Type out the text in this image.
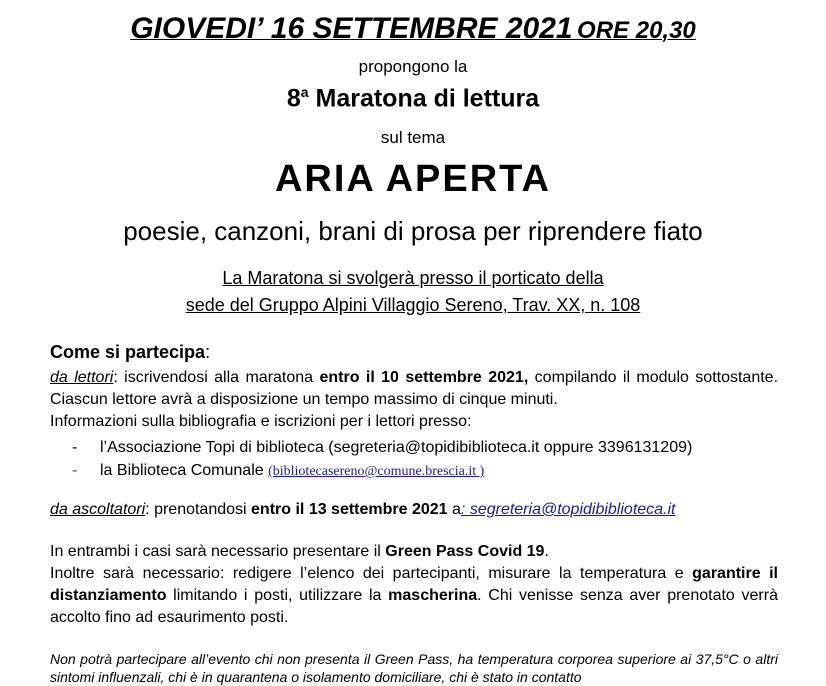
GIOVEDI’ 16 SETTEMBRE 2021 ORE 20,30
propongono la
8$^a$ Maratona di lettura
sul tema
ARIA APERTA
poesie, canzoni, brani di prosa per riprendere fiato
La Maratona si svolgerà presso il porticato della
sede del Gruppo Alpini Villaggio Sereno, Trav. XX, n. 108
Come si partecipa:
da lettori: iscrivendosi alla maratona entro il 10 settembre 2021, compilando il modulo sottostante. Ciascun lettore avrà a disposizione un tempo massimo di cinque minuti.
Informazioni sulla bibliografia e iscrizioni per i lettori presso:
- l’Associazione Topi di biblioteca (segreteria@topidibiblioteca.it oppure 3396131209)
- la Biblioteca Comunale (bibliotecasereno@comune.brescia.it )
da ascoltatori: prenotandosi entro il 13 settembre 2021 a: segreteria@topidibiblioteca.it
In entrambi i casi sarà necessario presentare il Green Pass Covid 19.
Inoltre sarà necessario: redigere l’elenco dei partecipanti, misurare la temperatura e garantire il distanziamento limitando i posti, utilizzare la mascherina. Chi venisse senza aver prenotato verrà accolto fino ad esaurimento posti.
Non potrà partecipare all’evento chi non presenta il Green Pass, ha temperatura corporea superiore ai 37,5°C o altri sintomi influenzali, chi è in quarantena o isolamento domiciliare, chi è stato in contatto
